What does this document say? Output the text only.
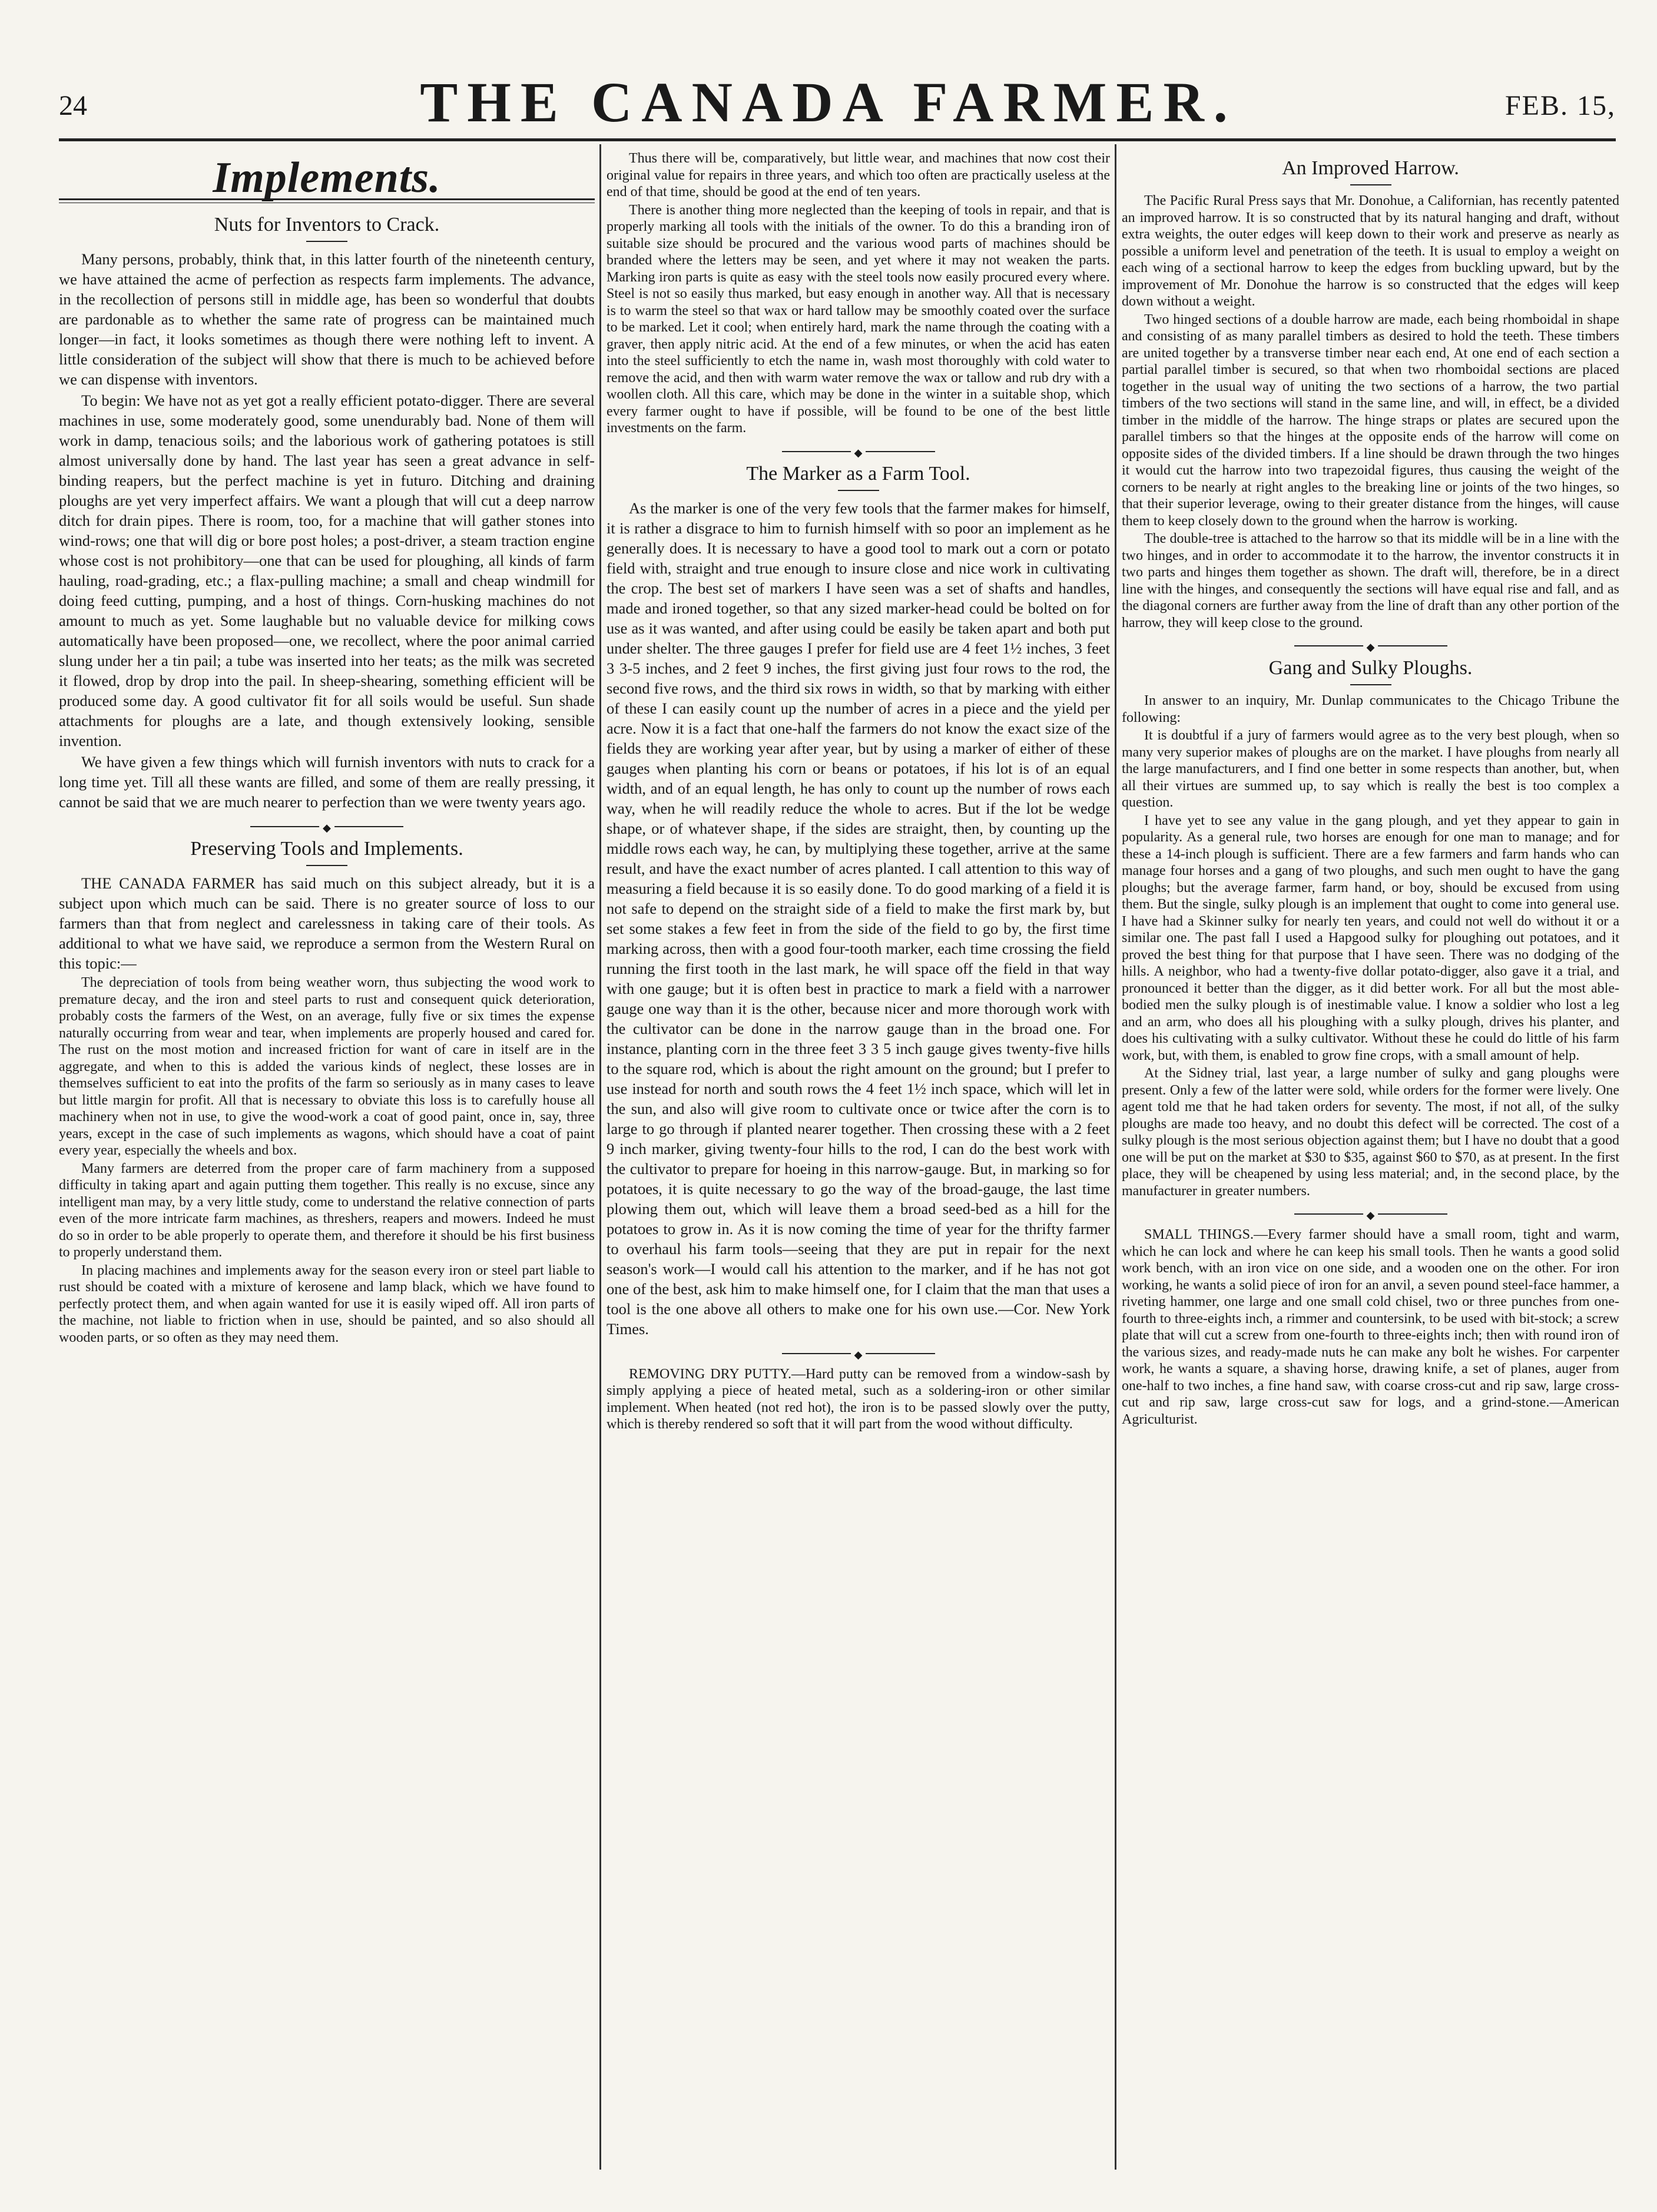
24	THE CANADA FARMER.	FEB. 15,
Implements.
Nuts for Inventors to Crack.

Many persons, probably, think that, in this latter fourth of the nineteenth century, we have attained the acme of perfection as respects farm implements. The advance, in the recollection of persons still in middle age, has been so wonderful that doubts are pardonable as to whether the same rate of progress can be maintained much longer—in fact, it looks sometimes as though there were nothing left to invent. A little consideration of the subject will show that there is much to be achieved before we can dispense with inventors.

To begin: We have not as yet got a really efficient potato-digger. There are several machines in use, some moderately good, some unendurably bad. None of them will work in damp, tenacious soils; and the laborious work of gathering potatoes is still almost universally done by hand. The last year has seen a great advance in self-binding reapers, but the perfect machine is yet in futuro. Ditching and draining ploughs are yet very imperfect affairs. We want a plough that will cut a deep narrow ditch for drain pipes. There is room, too, for a machine that will gather stones into wind-rows; one that will dig or bore post holes; a post-driver, a steam traction engine whose cost is not prohibitory—one that can be used for ploughing, all kinds of farm hauling, road-grading, etc.; a flax-pulling machine; a small and cheap windmill for doing feed cutting, pumping, and a host of things. Corn-husking machines do not amount to much as yet. Some laughable but no valuable device for milking cows automatically have been proposed—one, we recollect, where the poor animal carried slung under her a tin pail; a tube was inserted into her teats; as the milk was secreted it flowed, drop by drop into the pail. In sheep-shearing, something efficient will be produced some day. A good cultivator fit for all soils would be useful. Sun shade attachments for ploughs are a late, and though extensively looking, sensible invention.

We have given a few things which will furnish inventors with nuts to crack for a long time yet. Till all these wants are filled, and some of them are really pressing, it cannot be said that we are much nearer to perfection than we were twenty years ago.

◆
Preserving Tools and Implements.

THE CANADA FARMER has said much on this subject already, but it is a subject upon which much can be said. There is no greater source of loss to our farmers than that from neglect and carelessness in taking care of their tools. As additional to what we have said, we reproduce a sermon from the Western Rural on this topic:—

The depreciation of tools from being weather worn, thus subjecting the wood work to premature decay, and the iron and steel parts to rust and consequent quick deterioration, probably costs the farmers of the West, on an average, fully five or six times the expense naturally occurring from wear and tear, when implements are properly housed and cared for. The rust on the most motion and increased friction for want of care in itself are in the aggregate, and when to this is added the various kinds of neglect, these losses are in themselves sufficient to eat into the profits of the farm so seriously as in many cases to leave but little margin for profit. All that is necessary to obviate this loss is to carefully house all machinery when not in use, to give the wood-work a coat of good paint, once in, say, three years, except in the case of such implements as wagons, which should have a coat of paint every year, especially the wheels and box.

Many farmers are deterred from the proper care of farm machinery from a supposed difficulty in taking apart and again putting them together. This really is no excuse, since any intelligent man may, by a very little study, come to understand the relative connection of parts even of the more intricate farm machines, as threshers, reapers and mowers. Indeed he must do so in order to be able properly to operate them, and therefore it should be his first business to properly understand them.

In placing machines and implements away for the season every iron or steel part liable to rust should be coated with a mixture of kerosene and lamp black, which we have found to perfectly protect them, and when again wanted for use it is easily wiped off. All iron parts of the machine, not liable to friction when in use, should be painted, and so also should all wooden parts, or so often as they may need them.

Thus there will be, comparatively, but little wear, and machines that now cost their original value for repairs in three years, and which too often are practically useless at the end of that time, should be good at the end of ten years.

There is another thing more neglected than the keeping of tools in repair, and that is properly marking all tools with the initials of the owner. To do this a branding iron of suitable size should be procured and the various wood parts of machines should be branded where the letters may be seen, and yet where it may not weaken the parts. Marking iron parts is quite as easy with the steel tools now easily procured every where. Steel is not so easily thus marked, but easy enough in another way. All that is necessary is to warm the steel so that wax or hard tallow may be smoothly coated over the surface to be marked. Let it cool; when entirely hard, mark the name through the coating with a graver, then apply nitric acid. At the end of a few minutes, or when the acid has eaten into the steel sufficiently to etch the name in, wash most thoroughly with cold water to remove the acid, and then with warm water remove the wax or tallow and rub dry with a woollen cloth. All this care, which may be done in the winter in a suitable shop, which every farmer ought to have if possible, will be found to be one of the best little investments on the farm.

◆
The Marker as a Farm Tool.

As the marker is one of the very few tools that the farmer makes for himself, it is rather a disgrace to him to furnish himself with so poor an implement as he generally does. It is necessary to have a good tool to mark out a corn or potato field with, straight and true enough to insure close and nice work in cultivating the crop. The best set of markers I have seen was a set of shafts and handles, made and ironed together, so that any sized marker-head could be bolted on for use as it was wanted, and after using could be easily be taken apart and both put under shelter. The three gauges I prefer for field use are 4 feet 1½ inches, 3 feet 3 3-5 inches, and 2 feet 9 inches, the first giving just four rows to the rod, the second five rows, and the third six rows in width, so that by marking with either of these I can easily count up the number of acres in a piece and the yield per acre. Now it is a fact that one-half the farmers do not know the exact size of the fields they are working year after year, but by using a marker of either of these gauges when planting his corn or beans or potatoes, if his lot is of an equal width, and of an equal length, he has only to count up the number of rows each way, when he will readily reduce the whole to acres. But if the lot be wedge shape, or of whatever shape, if the sides are straight, then, by counting up the middle rows each way, he can, by multiplying these together, arrive at the same result, and have the exact number of acres planted. I call attention to this way of measuring a field because it is so easily done. To do good marking of a field it is not safe to depend on the straight side of a field to make the first mark by, but set some stakes a few feet in from the side of the field to go by, the first time marking across, then with a good four-tooth marker, each time crossing the field running the first tooth in the last mark, he will space off the field in that way with one gauge; but it is often best in practice to mark a field with a narrower gauge one way than it is the other, because nicer and more thorough work with the cultivator can be done in the narrow gauge than in the broad one. For instance, planting corn in the three feet 3 3 5 inch gauge gives twenty-five hills to the square rod, which is about the right amount on the ground; but I prefer to use instead for north and south rows the 4 feet 1½ inch space, which will let in the sun, and also will give room to cultivate once or twice after the corn is to large to go through if planted nearer together. Then crossing these with a 2 feet 9 inch marker, giving twenty-four hills to the rod, I can do the best work with the cultivator to prepare for hoeing in this narrow-gauge. But, in marking so for potatoes, it is quite necessary to go the way of the broad-gauge, the last time plowing them out, which will leave them a broad seed-bed as a hill for the potatoes to grow in. As it is now coming the time of year for the thrifty farmer to overhaul his farm tools—seeing that they are put in repair for the next season's work—I would call his attention to the marker, and if he has not got one of the best, ask him to make himself one, for I claim that the man that uses a tool is the one above all others to make one for his own use.—Cor. New York Times.

◆

REMOVING DRY PUTTY.—Hard putty can be removed from a window-sash by simply applying a piece of heated metal, such as a soldering-iron or other similar implement. When heated (not red hot), the iron is to be passed slowly over the putty, which is thereby rendered so soft that it will part from the wood without difficulty.

An Improved Harrow.

The Pacific Rural Press says that Mr. Donohue, a Californian, has recently patented an improved harrow. It is so constructed that by its natural hanging and draft, without extra weights, the outer edges will keep down to their work and preserve as nearly as possible a uniform level and penetration of the teeth. It is usual to employ a weight on each wing of a sectional harrow to keep the edges from buckling upward, but by the improvement of Mr. Donohue the harrow is so constructed that the edges will keep down without a weight.

Two hinged sections of a double harrow are made, each being rhomboidal in shape and consisting of as many parallel timbers as desired to hold the teeth. These timbers are united together by a transverse timber near each end, At one end of each section a partial parallel timber is secured, so that when two rhomboidal sections are placed together in the usual way of uniting the two sections of a harrow, the two partial timbers of the two sections will stand in the same line, and will, in effect, be a divided timber in the middle of the harrow. The hinge straps or plates are secured upon the parallel timbers so that the hinges at the opposite ends of the harrow will come on opposite sides of the divided timbers. If a line should be drawn through the two hinges it would cut the harrow into two trapezoidal figures, thus causing the weight of the corners to be nearly at right angles to the breaking line or joints of the two hinges, so that their superior leverage, owing to their greater distance from the hinges, will cause them to keep closely down to the ground when the harrow is working.

The double-tree is attached to the harrow so that its middle will be in a line with the two hinges, and in order to accommodate it to the harrow, the inventor constructs it in two parts and hinges them together as shown. The draft will, therefore, be in a direct line with the hinges, and consequently the sections will have equal rise and fall, and as the diagonal corners are further away from the line of draft than any other portion of the harrow, they will keep close to the ground.

◆
Gang and Sulky Ploughs.

In answer to an inquiry, Mr. Dunlap communicates to the Chicago Tribune the following:

It is doubtful if a jury of farmers would agree as to the very best plough, when so many very superior makes of ploughs are on the market. I have ploughs from nearly all the large manufacturers, and I find one better in some respects than another, but, when all their virtues are summed up, to say which is really the best is too complex a question.

I have yet to see any value in the gang plough, and yet they appear to gain in popularity. As a general rule, two horses are enough for one man to manage; and for these a 14-inch plough is sufficient. There are a few farmers and farm hands who can manage four horses and a gang of two ploughs, and such men ought to have the gang ploughs; but the average farmer, farm hand, or boy, should be excused from using them. But the single, sulky plough is an implement that ought to come into general use. I have had a Skinner sulky for nearly ten years, and could not well do without it or a similar one. The past fall I used a Hapgood sulky for ploughing out potatoes, and it proved the best thing for that purpose that I have seen. There was no dodging of the hills. A neighbor, who had a twenty-five dollar potato-digger, also gave it a trial, and pronounced it better than the digger, as it did better work. For all but the most able-bodied men the sulky plough is of inestimable value. I know a soldier who lost a leg and an arm, who does all his ploughing with a sulky plough, drives his planter, and does his cultivating with a sulky cultivator. Without these he could do little of his farm work, but, with them, is enabled to grow fine crops, with a small amount of help.

At the Sidney trial, last year, a large number of sulky and gang ploughs were present. Only a few of the latter were sold, while orders for the former were lively. One agent told me that he had taken orders for seventy. The most, if not all, of the sulky ploughs are made too heavy, and no doubt this defect will be corrected. The cost of a sulky plough is the most serious objection against them; but I have no doubt that a good one will be put on the market at $30 to $35, against $60 to $70, as at present. In the first place, they will be cheapened by using less material; and, in the second place, by the manufacturer in greater numbers.

◆

SMALL THINGS.—Every farmer should have a small room, tight and warm, which he can lock and where he can keep his small tools. Then he wants a good solid work bench, with an iron vice on one side, and a wooden one on the other. For iron working, he wants a solid piece of iron for an anvil, a seven pound steel-face hammer, a riveting hammer, one large and one small cold chisel, two or three punches from one-fourth to three-eights inch, a rimmer and countersink, to be used with bit-stock; a screw plate that will cut a screw from one-fourth to three-eights inch; then with round iron of the various sizes, and ready-made nuts he can make any bolt he wishes. For carpenter work, he wants a square, a shaving horse, drawing knife, a set of planes, auger from one-half to two inches, a fine hand saw, with coarse cross-cut and rip saw, large cross-cut and rip saw, large cross-cut saw for logs, and a grind-stone.—American Agriculturist.
